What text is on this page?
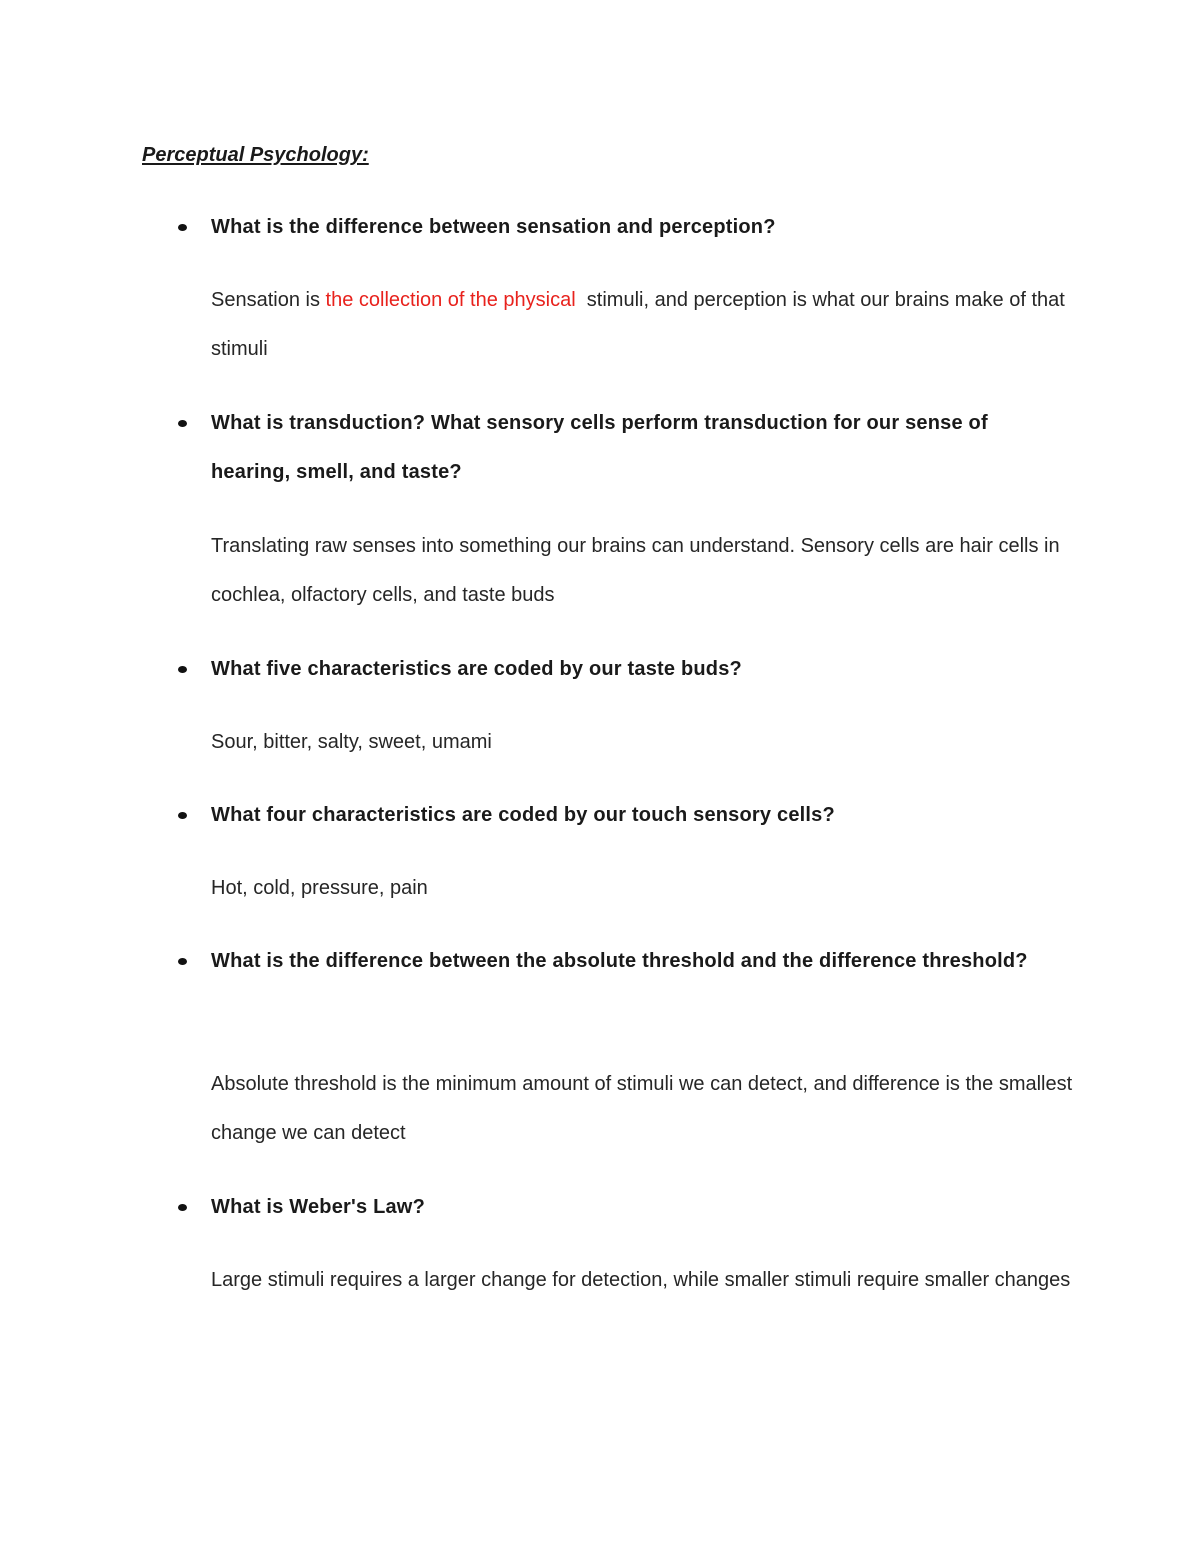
Perceptual Psychology:
What is the difference between sensation and perception?
Sensation is the collection of the physical  stimuli, and perception is what our brains make of that stimuli
What is transduction? What sensory cells perform transduction for our sense of hearing, smell, and taste?
Translating raw senses into something our brains can understand. Sensory cells are hair cells in cochlea, olfactory cells, and taste buds
What five characteristics are coded by our taste buds?
Sour, bitter, salty, sweet, umami
What four characteristics are coded by our touch sensory cells?
Hot, cold, pressure, pain
What is the difference between the absolute threshold and the difference threshold?
Absolute threshold is the minimum amount of stimuli we can detect, and difference is the smallest change we can detect
What is Weber's Law?
Large stimuli requires a larger change for detection, while smaller stimuli require smaller changes
